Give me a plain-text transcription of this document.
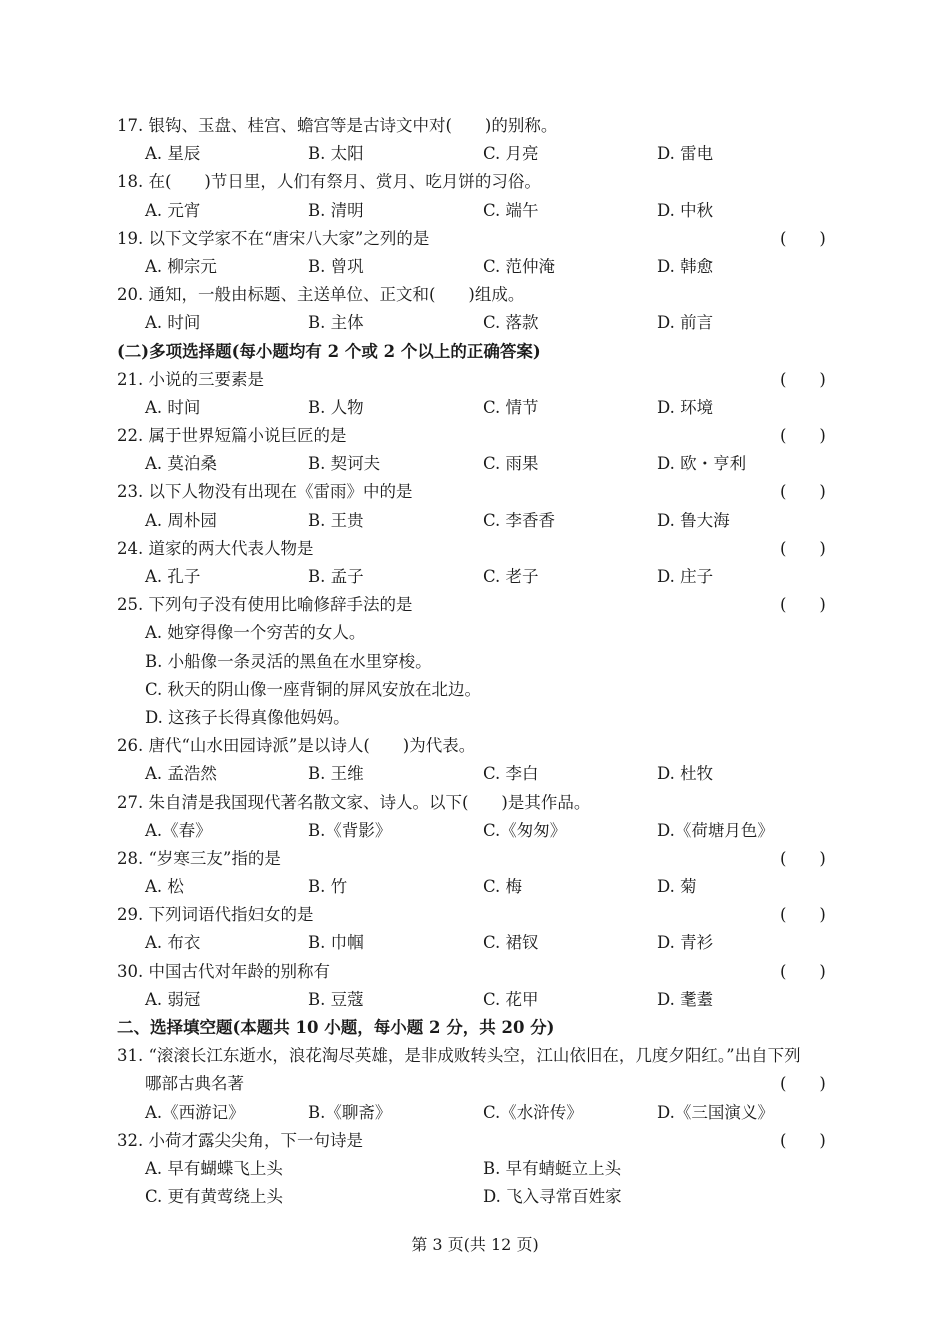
17. 银钩、玉盘、桂宫、蟾宫等是古诗文中对(　　)的别称。
A. 星辰	B. 太阳	C. 月亮	D. 雷电
18. 在(　　)节日里，人们有祭月、赏月、吃月饼的习俗。
A. 元宵	B. 清明	C. 端午	D. 中秋
19. 以下文学家不在“唐宋八大家”之列的是	(　　)
A. 柳宗元	B. 曾巩	C. 范仲淹	D. 韩愈
20. 通知，一般由标题、主送单位、正文和(　　)组成。
A. 时间	B. 主体	C. 落款	D. 前言
(二)多项选择题(每小题均有 2 个或 2 个以上的正确答案)
21. 小说的三要素是	(　　)
A. 时间	B. 人物	C. 情节	D. 环境
22. 属于世界短篇小说巨匠的是	(　　)
A. 莫泊桑	B. 契诃夫	C. 雨果	D. 欧・亨利
23. 以下人物没有出现在《雷雨》中的是	(　　)
A. 周朴园	B. 王贵	C. 李香香	D. 鲁大海
24. 道家的两大代表人物是	(　　)
A. 孔子	B. 孟子	C. 老子	D. 庄子
25. 下列句子没有使用比喻修辞手法的是	(　　)
A. 她穿得像一个穷苦的女人。
B. 小船像一条灵活的黑鱼在水里穿梭。
C. 秋天的阴山像一座背铜的屏风安放在北边。
D. 这孩子长得真像他妈妈。
26. 唐代“山水田园诗派”是以诗人(　　)为代表。
A. 孟浩然	B. 王维	C. 李白	D. 杜牧
27. 朱自清是我国现代著名散文家、诗人。以下(　　)是其作品。
A.《春》	B.《背影》	C.《匆匆》	D.《荷塘月色》
28. “岁寒三友”指的是	(　　)
A. 松	B. 竹	C. 梅	D. 菊
29. 下列词语代指妇女的是	(　　)
A. 布衣	B. 巾帼	C. 裙钗	D. 青衫
30. 中国古代对年龄的别称有	(　　)
A. 弱冠	B. 豆蔻	C. 花甲	D. 耄耋
二、选择填空题(本题共 10 小题，每小题 2 分，共 20 分)
31. “滚滚长江东逝水，浪花淘尽英雄，是非成败转头空，江山依旧在，几度夕阳红。”出自下列
哪部古典名著	(　　)
A.《西游记》	B.《聊斋》	C.《水浒传》	D.《三国演义》
32. 小荷才露尖尖角，下一句诗是	(　　)
A. 早有蝴蝶飞上头	B. 早有蜻蜓立上头
C. 更有黄莺绕上头	D. 飞入寻常百姓家
第 3 页(共 12 页)
